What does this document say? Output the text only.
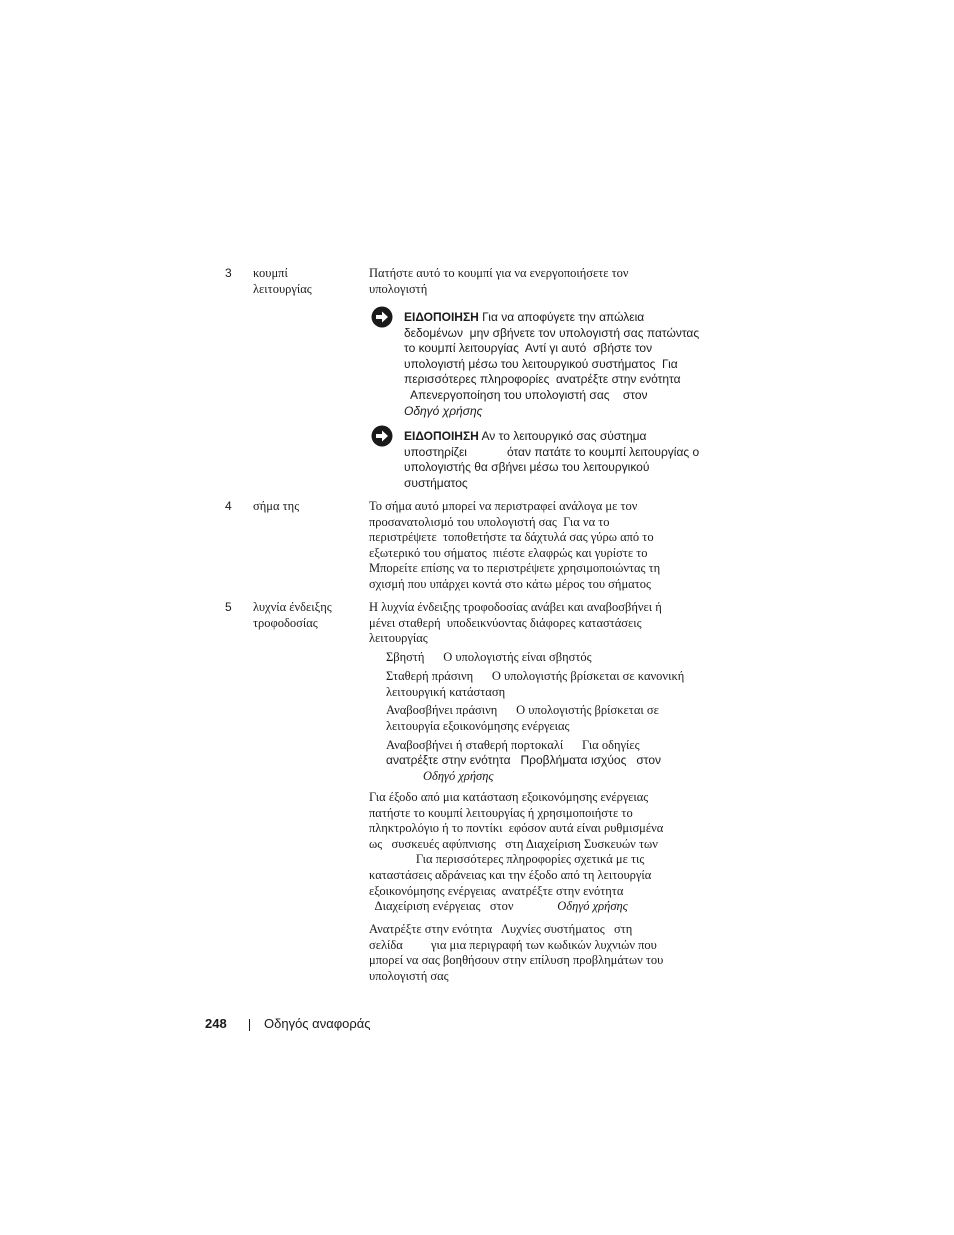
3 κουμπί
λειτουργίας
Πατήστε αυτό το κουμπί για να ενεργοποιήσετε τον
υπολογιστή
ΕΙΔΟΠΟΙΗΣΗ Για να αποφύγετε την απώλεια
δεδομένων  μην σβήνετε τον υπολογιστή σας πατώντας
το κουμπί λειτουργίας  Αντί γι αυτό  σβήστε τον
υπολογιστή μέσω του λειτουργικού συστήματος  Για
περισσότερες πληροφορίες  ανατρέξτε στην ενότητα
Απενεργοποίηση του υπολογιστή σας    στον
Οδηγό χρήσης
ΕΙΔΟΠΟΙΗΣΗ Αν το λειτουργικό σας σύστημα
υποστηρίζει            όταν πατάτε το κουμπί λειτουργίας ο
υπολογιστής θα σβήνει μέσω του λειτουργικού
συστήματος
4 σήμα της	Το σήμα αυτό μπορεί να περιστραφεί ανάλογα με τον
προσανατολισμό του υπολογιστή σας  Για να το
περιστρέψετε  τοποθετήστε τα δάχτυλά σας γύρω από το
εξωτερικό του σήματος  πιέστε ελαφρώς και γυρίστε το
Μπορείτε επίσης να το περιστρέψετε χρησιμοποιώντας τη
σχισμή που υπάρχει κοντά στο κάτω μέρος του σήματος
5 λυχνία ένδειξης
τροφοδοσίας
Η λυχνία ένδειξης τροφοδοσίας ανάβει και αναβοσβήνει ή
μένει σταθερή  υποδεικνύοντας διάφορες καταστάσεις
λειτουργίας
Σβηστή      Ο υπολογιστής είναι σβηστός
Σταθερή πράσινη      Ο υπολογιστής βρίσκεται σε κανονική
λειτουργική κατάσταση
Αναβοσβήνει πράσινη      Ο υπολογιστής βρίσκεται σε
λειτουργία εξοικονόμησης ενέργειας
Αναβοσβήνει ή σταθερή πορτοκαλί      Για οδηγίες
ανατρέξτε στην ενότητα   Προβλήματα ισχύος   στον
Οδηγό χρήσης
Για έξοδο από μια κατάσταση εξοικονόμησης ενέργειας
πατήστε το κουμπί λειτουργίας ή χρησιμοποιήστε το
πληκτρολόγιο ή το ποντίκι  εφόσον αυτά είναι ρυθμισμένα
ως   συσκευές αφύπνισης   στη Διαχείριση Συσκευών των
Για περισσότερες πληροφορίες σχετικά με τις
καταστάσεις αδράνειας και την έξοδο από τη λειτουργία
εξοικονόμησης ενέργειας  ανατρέξτε στην ενότητα
Διαχείριση ενέργειας   στον              Οδηγό χρήσης
Ανατρέξτε στην ενότητα   Λυχνίες συστήματος   στη
σελίδα         για μια περιγραφή των κωδικών λυχνιών που
μπορεί να σας βοηθήσουν στην επίλυση προβλημάτων του
υπολογιστή σας
248	Οδηγός αναφοράς
